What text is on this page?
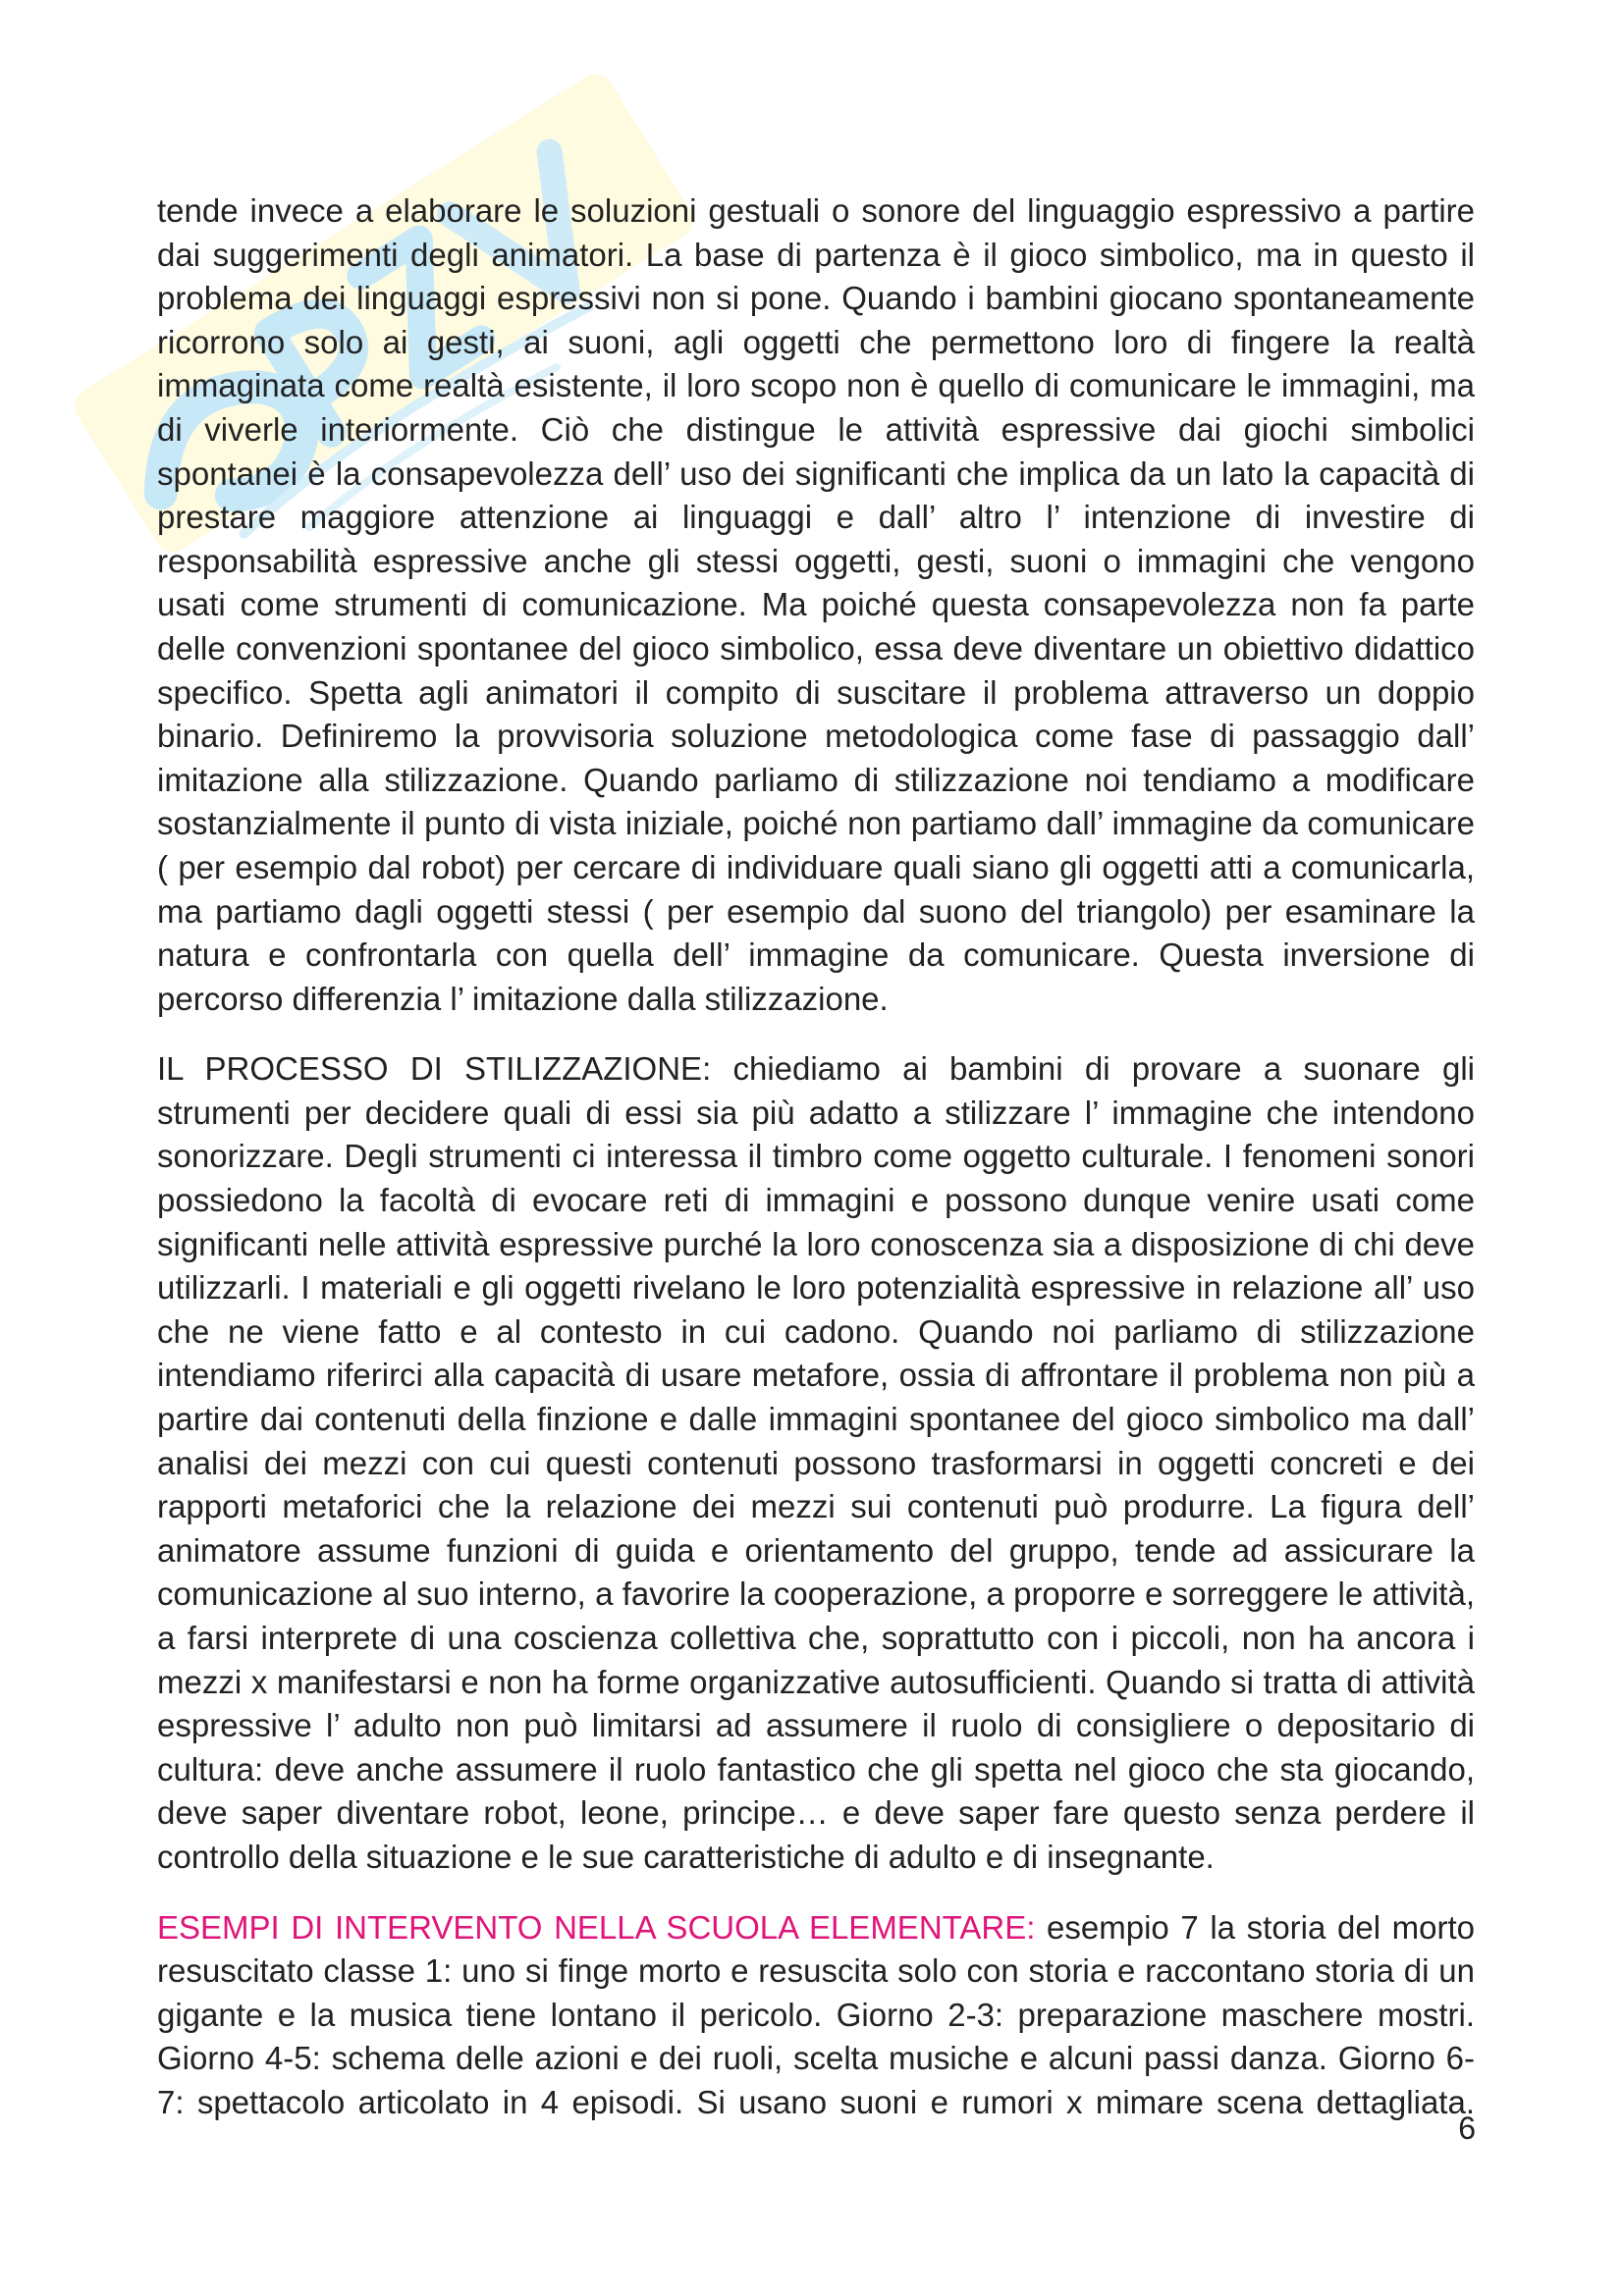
tende invece a elaborare le soluzioni gestuali o sonore del linguaggio espressivo a partire dai suggerimenti degli animatori. La base di partenza è il gioco simbolico, ma in questo il problema dei linguaggi espressivi non si pone. Quando i bambini giocano spontaneamente ricorrono solo ai gesti, ai suoni, agli oggetti che permettono loro di fingere la realtà immaginata come realtà esistente, il loro scopo non è quello di comunicare le immagini, ma di viverle interiormente. Ciò che distingue le attività espressive dai giochi simbolici spontanei è la consapevolezza dell’ uso dei significanti che implica da un lato la capacità di prestare maggiore attenzione ai linguaggi e dall’ altro l’ intenzione di investire di responsabilità espressive anche gli stessi oggetti, gesti, suoni o immagini che vengono usati come strumenti di comunicazione. Ma poiché questa consapevolezza non fa parte delle convenzioni spontanee del gioco simbolico, essa deve diventare un obiettivo didattico specifico. Spetta agli animatori il compito di suscitare il problema attraverso un doppio binario. Definiremo la provvisoria soluzione metodologica come fase di passaggio dall’ imitazione alla stilizzazione. Quando parliamo di stilizzazione noi tendiamo a modificare sostanzialmente il punto di vista iniziale, poiché non partiamo dall’ immagine da comunicare ( per esempio dal robot) per cercare di individuare quali siano gli oggetti atti a comunicarla, ma partiamo dagli oggetti stessi ( per esempio dal suono del triangolo) per esaminare la natura e confrontarla con quella dell’ immagine da comunicare. Questa inversione di percorso differenzia l’ imitazione dalla stilizzazione.

IL PROCESSO DI STILIZZAZIONE: chiediamo ai bambini di provare a suonare gli strumenti per decidere quali di essi sia più adatto a stilizzare l’ immagine che intendono sonorizzare. Degli strumenti ci interessa il timbro come oggetto culturale. I fenomeni sonori possiedono la facoltà di evocare reti di immagini e possono dunque venire usati come significanti nelle attività espressive purché la loro conoscenza sia a disposizione di chi deve utilizzarli. I materiali e gli oggetti rivelano le loro potenzialità espressive in relazione all’ uso che ne viene fatto e al contesto in cui cadono. Quando noi parliamo di stilizzazione intendiamo riferirci alla capacità di usare metafore, ossia di affrontare il problema non più a partire dai contenuti della finzione e dalle immagini spontanee del gioco simbolico ma dall’ analisi dei mezzi con cui questi contenuti possono trasformarsi in oggetti concreti e dei rapporti metaforici che la relazione dei mezzi sui contenuti può produrre. La figura dell’ animatore assume funzioni di guida e orientamento del gruppo, tende ad assicurare la comunicazione al suo interno, a favorire la cooperazione, a proporre e sorreggere le attività, a farsi interprete di una coscienza collettiva che, soprattutto con i piccoli, non ha ancora i mezzi x manifestarsi e non ha forme organizzative autosufficienti. Quando si tratta di attività espressive l’ adulto non può limitarsi ad assumere il ruolo di consigliere o depositario di cultura: deve anche assumere il ruolo fantastico che gli spetta nel gioco che sta giocando, deve saper diventare robot, leone, principe… e deve saper fare questo senza perdere il controllo della situazione e le sue caratteristiche di adulto e di insegnante.

ESEMPI DI INTERVENTO NELLA SCUOLA ELEMENTARE: esempio 7 la storia del morto resuscitato classe 1: uno si finge morto e resuscita solo con storia e raccontano storia di un gigante e la musica tiene lontano il pericolo. Giorno 2-3: preparazione maschere mostri. Giorno 4-5: schema delle azioni e dei ruoli, scelta musiche e alcuni passi danza. Giorno 6-7: spettacolo articolato in 4 episodi. Si usano suoni e rumori x mimare scena dettagliata.

6
